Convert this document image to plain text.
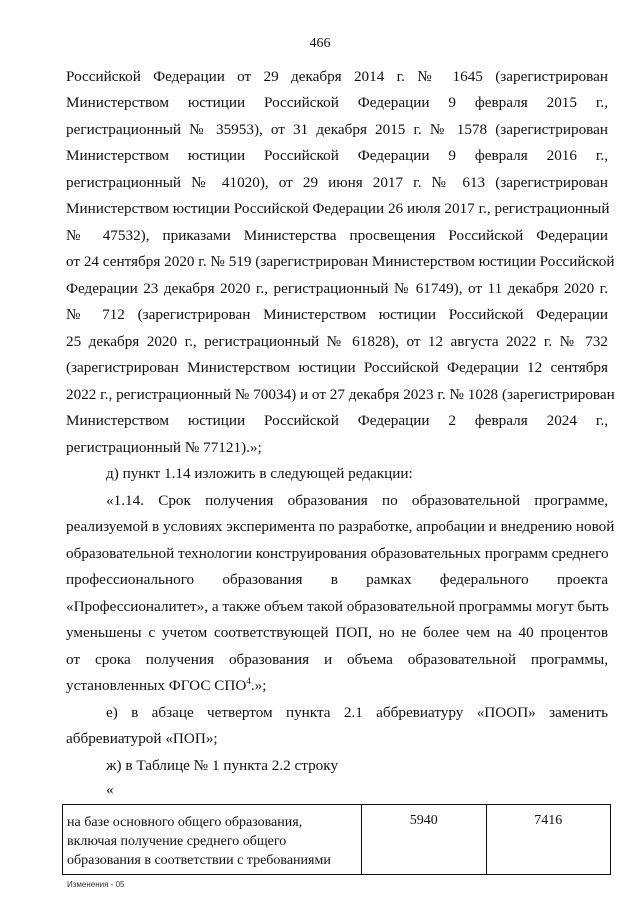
466
Российской Федерации от 29 декабря 2014 г. № 1645 (зарегистрирован
Министерством юстиции Российской Федерации 9 февраля 2015 г.,
регистрационный № 35953), от 31 декабря 2015 г. № 1578 (зарегистрирован
Министерством юстиции Российской Федерации 9 февраля 2016 г.,
регистрационный № 41020), от 29 июня 2017 г. № 613 (зарегистрирован
Министерством юстиции Российской Федерации 26 июля 2017 г., регистрационный
№ 47532), приказами Министерства просвещения Российской Федерации
от 24 сентября 2020 г. № 519 (зарегистрирован Министерством юстиции Российской
Федерации 23 декабря 2020 г., регистрационный № 61749), от 11 декабря 2020 г.
№ 712 (зарегистрирован Министерством юстиции Российской Федерации
25 декабря 2020 г., регистрационный № 61828), от 12 августа 2022 г. № 732
(зарегистрирован Министерством юстиции Российской Федерации 12 сентября
2022 г., регистрационный № 70034) и от 27 декабря 2023 г. № 1028 (зарегистрирован
Министерством юстиции Российской Федерации 2 февраля 2024 г.,
регистрационный № 77121).»;
д) пункт 1.14 изложить в следующей редакции:
«1.14. Срок получения образования по образовательной программе,
реализуемой в условиях эксперимента по разработке, апробации и внедрению новой
образовательной технологии конструирования образовательных программ среднего
профессионального образования в рамках федерального проекта
«Профессионалитет», а также объем такой образовательной программы могут быть
уменьшены с учетом соответствующей ПОП, но не более чем на 40 процентов
от срока получения образования и объема образовательной программы,
установленных ФГОС СПО$^4$.»;
е) в абзаце четвертом пункта 2.1 аббревиатуру «ПООП» заменить
аббревиатурой «ПОП»;
ж) в Таблице № 1 пункта 2.2 строку
«
на базе основного общего образования,
включая получение среднего общего
образования в соответствии с требованиями
	5940	7416
Изменения - 05
